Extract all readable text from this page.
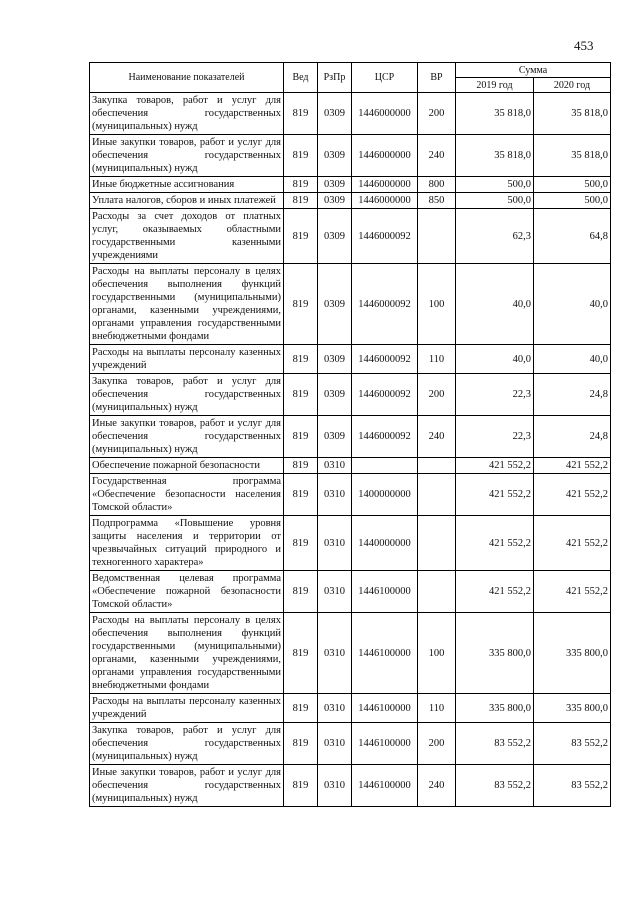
453
Наименование показателей	Вед	РзПр	ЦСР	ВР	Сумма	
					2019 год	2020 год
Закупка товаров, работ и услуг для обеспечения государственных (муниципальных) нужд	819	0309	1446000000	200	35 818,0	35 818,0
Иные закупки товаров, работ и услуг для обеспечения государственных (муниципальных) нужд	819	0309	1446000000	240	35 818,0	35 818,0
Иные бюджетные ассигнования	819	0309	1446000000	800	500,0	500,0
Уплата налогов, сборов и иных платежей	819	0309	1446000000	850	500,0	500,0
Расходы за счет доходов от платных услуг, оказываемых областными государственными казенными учреждениями	819	0309	1446000092		62,3	64,8
Расходы на выплаты персоналу в целях обеспечения выполнения функций государственными (муниципальными) органами, казенными учреждениями, органами управления государственными внебюджетными фондами	819	0309	1446000092	100	40,0	40,0
Расходы на выплаты персоналу казенных учреждений	819	0309	1446000092	110	40,0	40,0
Закупка товаров, работ и услуг для обеспечения государственных (муниципальных) нужд	819	0309	1446000092	200	22,3	24,8
Иные закупки товаров, работ и услуг для обеспечения государственных (муниципальных) нужд	819	0309	1446000092	240	22,3	24,8
Обеспечение пожарной безопасности	819	0310			421 552,2	421 552,2
Государственная программа «Обеспечение безопасности населения Томской области»	819	0310	1400000000		421 552,2	421 552,2
Подпрограмма «Повышение уровня защиты населения и территории от чрезвычайных ситуаций природного и техногенного характера»	819	0310	1440000000		421 552,2	421 552,2
Ведомственная целевая программа «Обеспечение пожарной безопасности Томской области»	819	0310	1446100000		421 552,2	421 552,2
Расходы на выплаты персоналу в целях обеспечения выполнения функций государственными (муниципальными) органами, казенными учреждениями, органами управления государственными внебюджетными фондами	819	0310	1446100000	100	335 800,0	335 800,0
Расходы на выплаты персоналу казенных учреждений	819	0310	1446100000	110	335 800,0	335 800,0
Закупка товаров, работ и услуг для обеспечения государственных (муниципальных) нужд	819	0310	1446100000	200	83 552,2	83 552,2
Иные закупки товаров, работ и услуг для обеспечения государственных (муниципальных) нужд	819	0310	1446100000	240	83 552,2	83 552,2
